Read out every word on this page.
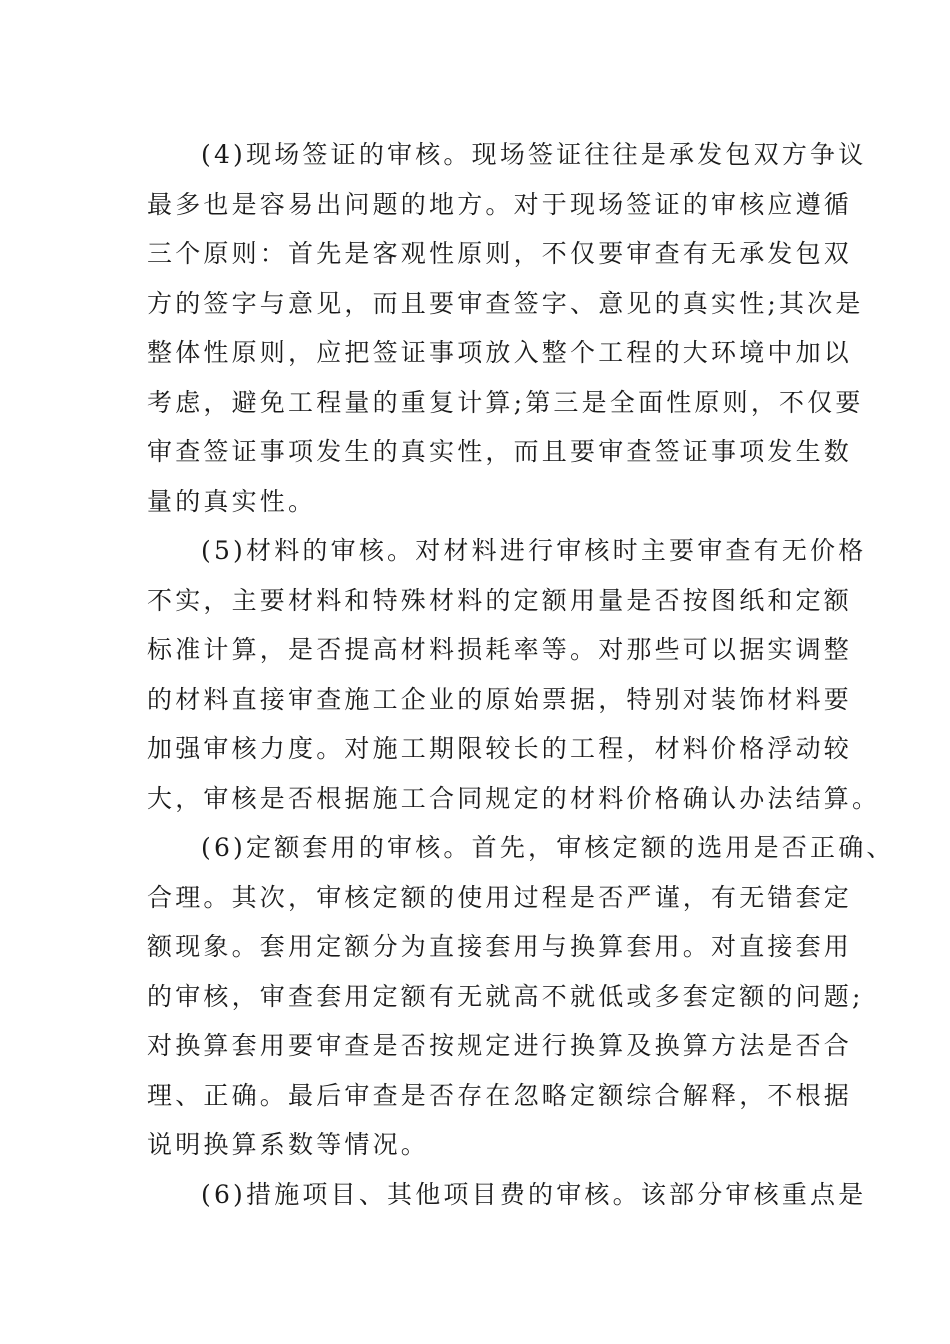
(4)现场签证的审核。现场签证往往是承发包双方争议
最多也是容易出问题的地方。对于现场签证的审核应遵循
三个原则：首先是客观性原则，不仅要审查有无承发包双
方的签字与意见，而且要审查签字、意见的真实性;其次是
整体性原则，应把签证事项放入整个工程的大环境中加以
考虑，避免工程量的重复计算;第三是全面性原则，不仅要
审查签证事项发生的真实性，而且要审查签证事项发生数
量的真实性。
(5)材料的审核。对材料进行审核时主要审查有无价格
不实，主要材料和特殊材料的定额用量是否按图纸和定额
标准计算，是否提高材料损耗率等。对那些可以据实调整
的材料直接审查施工企业的原始票据，特别对装饰材料要
加强审核力度。对施工期限较长的工程，材料价格浮动较
大，审核是否根据施工合同规定的材料价格确认办法结算。
(6)定额套用的审核。首先，审核定额的选用是否正确、
合理。其次，审核定额的使用过程是否严谨，有无错套定
额现象。套用定额分为直接套用与换算套用。对直接套用
的审核，审查套用定额有无就高不就低或多套定额的问题;
对换算套用要审查是否按规定进行换算及换算方法是否合
理、正确。最后审查是否存在忽略定额综合解释，不根据
说明换算系数等情况。
(6)措施项目、其他项目费的审核。该部分审核重点是
